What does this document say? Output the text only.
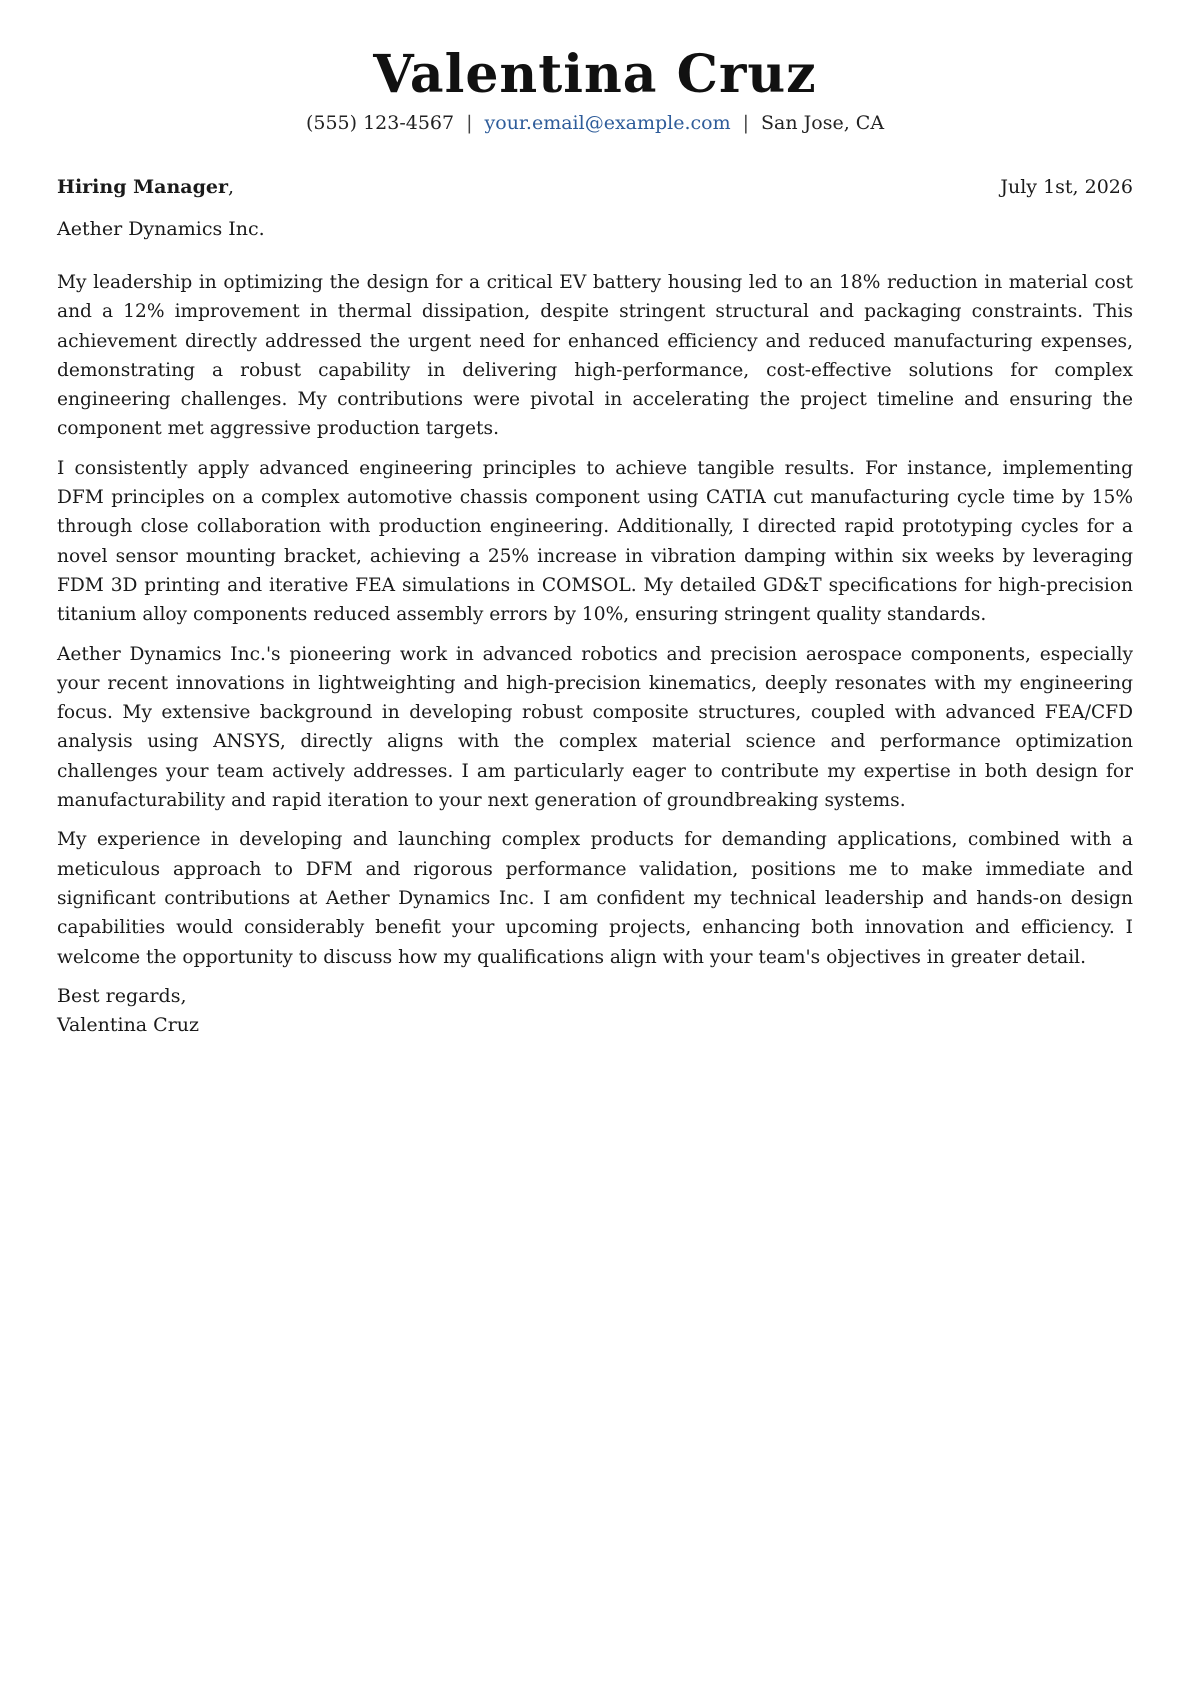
Valentina Cruz
(555) 123-4567 | your.email@example.com | San Jose, CA
Hiring Manager,	July 1st, 2026
Aether Dynamics Inc.

My leadership in optimizing the design for a critical EV battery housing led to an 18% reduction in material cost and a 12% improvement in thermal dissipation, despite stringent structural and packaging constraints. This achievement directly addressed the urgent need for enhanced efficiency and reduced manufacturing expenses, demonstrating a robust capability in delivering high-performance, cost-effective solutions for complex engineering challenges. My contributions were pivotal in accelerating the project timeline and ensuring the component met aggressive production targets.

I consistently apply advanced engineering principles to achieve tangible results. For instance, implementing DFM principles on a complex automotive chassis component using CATIA cut manufacturing cycle time by 15% through close collaboration with production engineering. Additionally, I directed rapid prototyping cycles for a novel sensor mounting bracket, achieving a 25% increase in vibration damping within six weeks by leveraging FDM 3D printing and iterative FEA simulations in COMSOL. My detailed GD&T specifications for high-precision titanium alloy components reduced assembly errors by 10%, ensuring stringent quality standards.

Aether Dynamics Inc.'s pioneering work in advanced robotics and precision aerospace components, especially your recent innovations in lightweighting and high-precision kinematics, deeply resonates with my engineering focus. My extensive background in developing robust composite structures, coupled with advanced FEA/CFD analysis using ANSYS, directly aligns with the complex material science and performance optimization challenges your team actively addresses. I am particularly eager to contribute my expertise in both design for manufacturability and rapid iteration to your next generation of groundbreaking systems.

My experience in developing and launching complex products for demanding applications, combined with a meticulous approach to DFM and rigorous performance validation, positions me to make immediate and significant contributions at Aether Dynamics Inc. I am confident my technical leadership and hands-on design capabilities would considerably benefit your upcoming projects, enhancing both innovation and efficiency. I welcome the opportunity to discuss how my qualifications align with your team's objectives in greater detail.

Best regards,
Valentina Cruz
